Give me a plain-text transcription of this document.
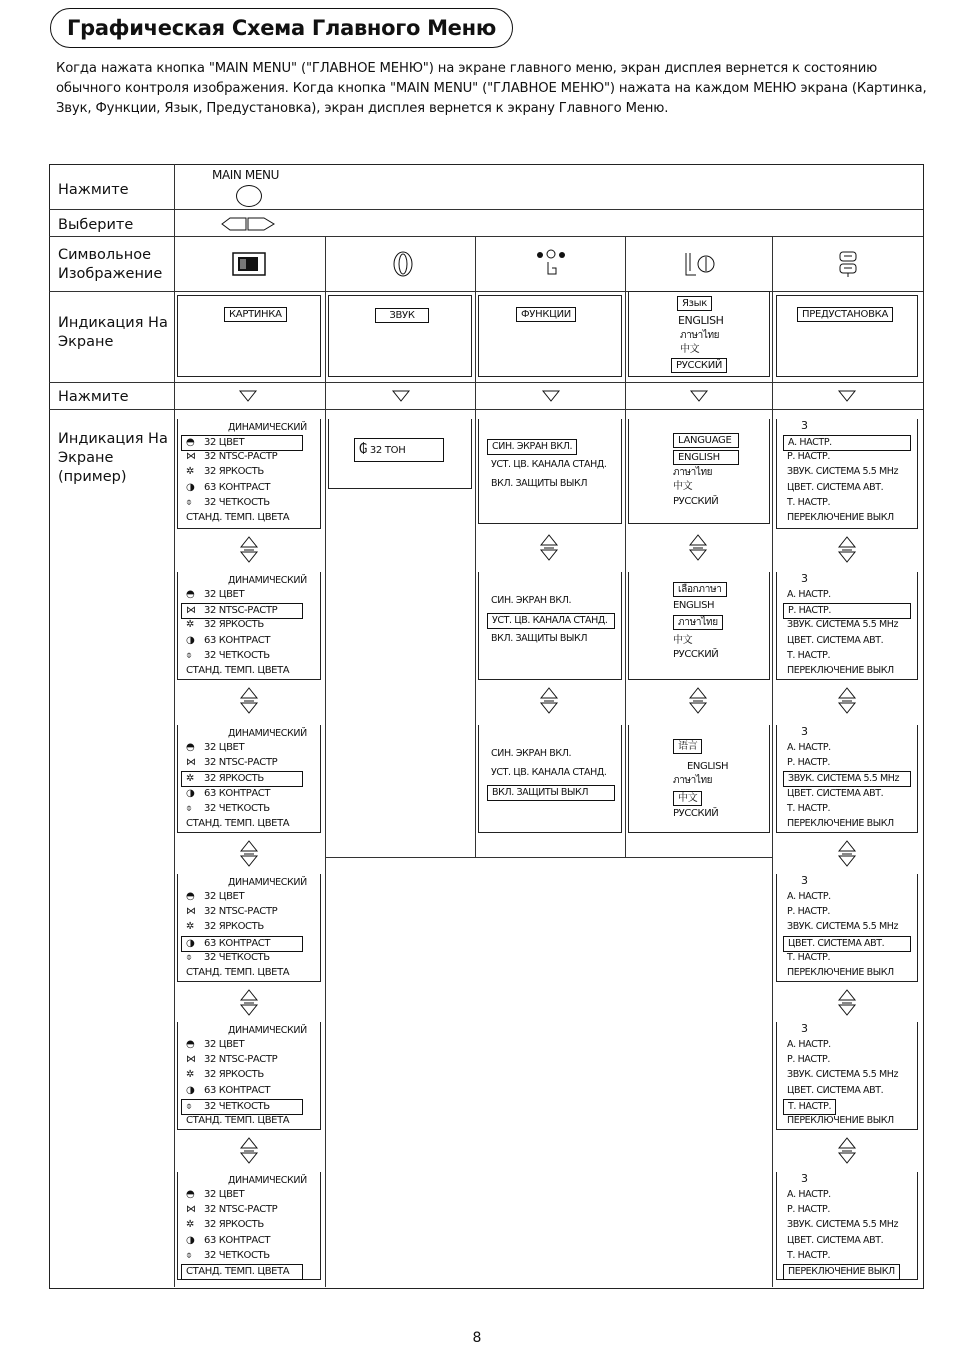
Графическая Схема Главного Меню
Когда нажата кнопка "MAIN MENU" ("ГЛАВНОЕ МЕНЮ") на экране главного меню, экран дисплея вернется к состоянию обычного контроля изображения. Когда кнопка "MAIN MENU" ("ГЛАВНОЕ МЕНЮ") нажата на каждом МЕНЮ экрана (Картинка, Звук, Функции, Язык, Предустановка), экран дисплея вернется к экрану Главного Меню.
Нажмите
Выберите
Символьное Изображение
Индикация На Экране
Нажмите
Индикация На Экране (пример)
MAIN MENU
КАРТИНКА	ЗВУК	ФУНКЦИИ
Язык
ENGLISH
ภาษาไทย
中文
РУССКИЙ
ПРЕДУСТАНОВКА
₲ 32 ТОН
8
ДИНАМИЧЕСКИЙ
◓ 32 ЦВЕТ
⋈ 32 NTSC-РАСТР
✲ 32 ЯРКОСТЬ
◑ 63 КОНТРАСТ
⌽ 32 ЧЕТКОСТЬ
СТАНД. ТЕМП. ЦВЕТА
ДИНАМИЧЕСКИЙ
◓ 32 ЦВЕТ
⋈ 32 NTSC-РАСТР
✲ 32 ЯРКОСТЬ
◑ 63 КОНТРАСТ
⌽ 32 ЧЕТКОСТЬ
СТАНД. ТЕМП. ЦВЕТА
ДИНАМИЧЕСКИЙ
◓ 32 ЦВЕТ
⋈ 32 NTSC-РАСТР
✲ 32 ЯРКОСТЬ
◑ 63 КОНТРАСТ
⌽ 32 ЧЕТКОСТЬ
СТАНД. ТЕМП. ЦВЕТА
ДИНАМИЧЕСКИЙ
◓ 32 ЦВЕТ
⋈ 32 NTSC-РАСТР
✲ 32 ЯРКОСТЬ
◑ 63 КОНТРАСТ
⌽ 32 ЧЕТКОСТЬ
СТАНД. ТЕМП. ЦВЕТА
ДИНАМИЧЕСКИЙ
◓ 32 ЦВЕТ
⋈ 32 NTSC-РАСТР
✲ 32 ЯРКОСТЬ
◑ 63 КОНТРАСТ
⌽ 32 ЧЕТКОСТЬ
СТАНД. ТЕМП. ЦВЕТА
ДИНАМИЧЕСКИЙ
◓ 32 ЦВЕТ
⋈ 32 NTSC-РАСТР
✲ 32 ЯРКОСТЬ
◑ 63 КОНТРАСТ
⌽ 32 ЧЕТКОСТЬ
СТАНД. ТЕМП. ЦВЕТА
СИН. ЭКРАН ВКЛ.
УСТ. ЦВ. КАНАЛА СТАНД.
ВКЛ. ЗАЩИТЫ ВЫКЛ
СИН. ЭКРАН ВКЛ.
УСТ. ЦВ. КАНАЛА СТАНД.
ВКЛ. ЗАЩИТЫ ВЫКЛ
СИН. ЭКРАН ВКЛ.
УСТ. ЦВ. КАНАЛА СТАНД.
ВКЛ. ЗАЩИТЫ ВЫКЛ
LANGUAGE
ENGLISH
ภาษาไทย
中文
РУССКИЙ
เลือกภาษา
ENGLISH
ภาษาไทย
中文
РУССКИЙ
语言
ENGLISH
ภาษาไทย
中文
РУССКИЙ
3
А. НАСТР.
Р. НАСТР.
ЗВУК. СИСТЕМА 5.5 MHz
ЦВЕТ. СИСТЕМА АВТ.
Т. НАСТР.
ПЕРЕКЛЮЧЕНИЕ ВЫКЛ
3
А. НАСТР.
Р. НАСТР.
ЗВУК. СИСТЕМА 5.5 MHz
ЦВЕТ. СИСТЕМА АВТ.
Т. НАСТР.
ПЕРЕКЛЮЧЕНИЕ ВЫКЛ
3
А. НАСТР.
Р. НАСТР.
ЗВУК. СИСТЕМА 5.5 MHz
ЦВЕТ. СИСТЕМА АВТ.
Т. НАСТР.
ПЕРЕКЛЮЧЕНИЕ ВЫКЛ
3
А. НАСТР.
Р. НАСТР.
ЗВУК. СИСТЕМА 5.5 MHz
ЦВЕТ. СИСТЕМА АВТ.
Т. НАСТР.
ПЕРЕКЛЮЧЕНИЕ ВЫКЛ
3
А. НАСТР.
Р. НАСТР.
ЗВУК. СИСТЕМА 5.5 MHz
ЦВЕТ. СИСТЕМА АВТ.
Т. НАСТР.
ПЕРЕКЛЮЧЕНИЕ ВЫКЛ
3
А. НАСТР.
Р. НАСТР.
ЗВУК. СИСТЕМА 5.5 MHz
ЦВЕТ. СИСТЕМА АВТ.
Т. НАСТР.
ПЕРЕКЛЮЧЕНИЕ ВЫКЛ
